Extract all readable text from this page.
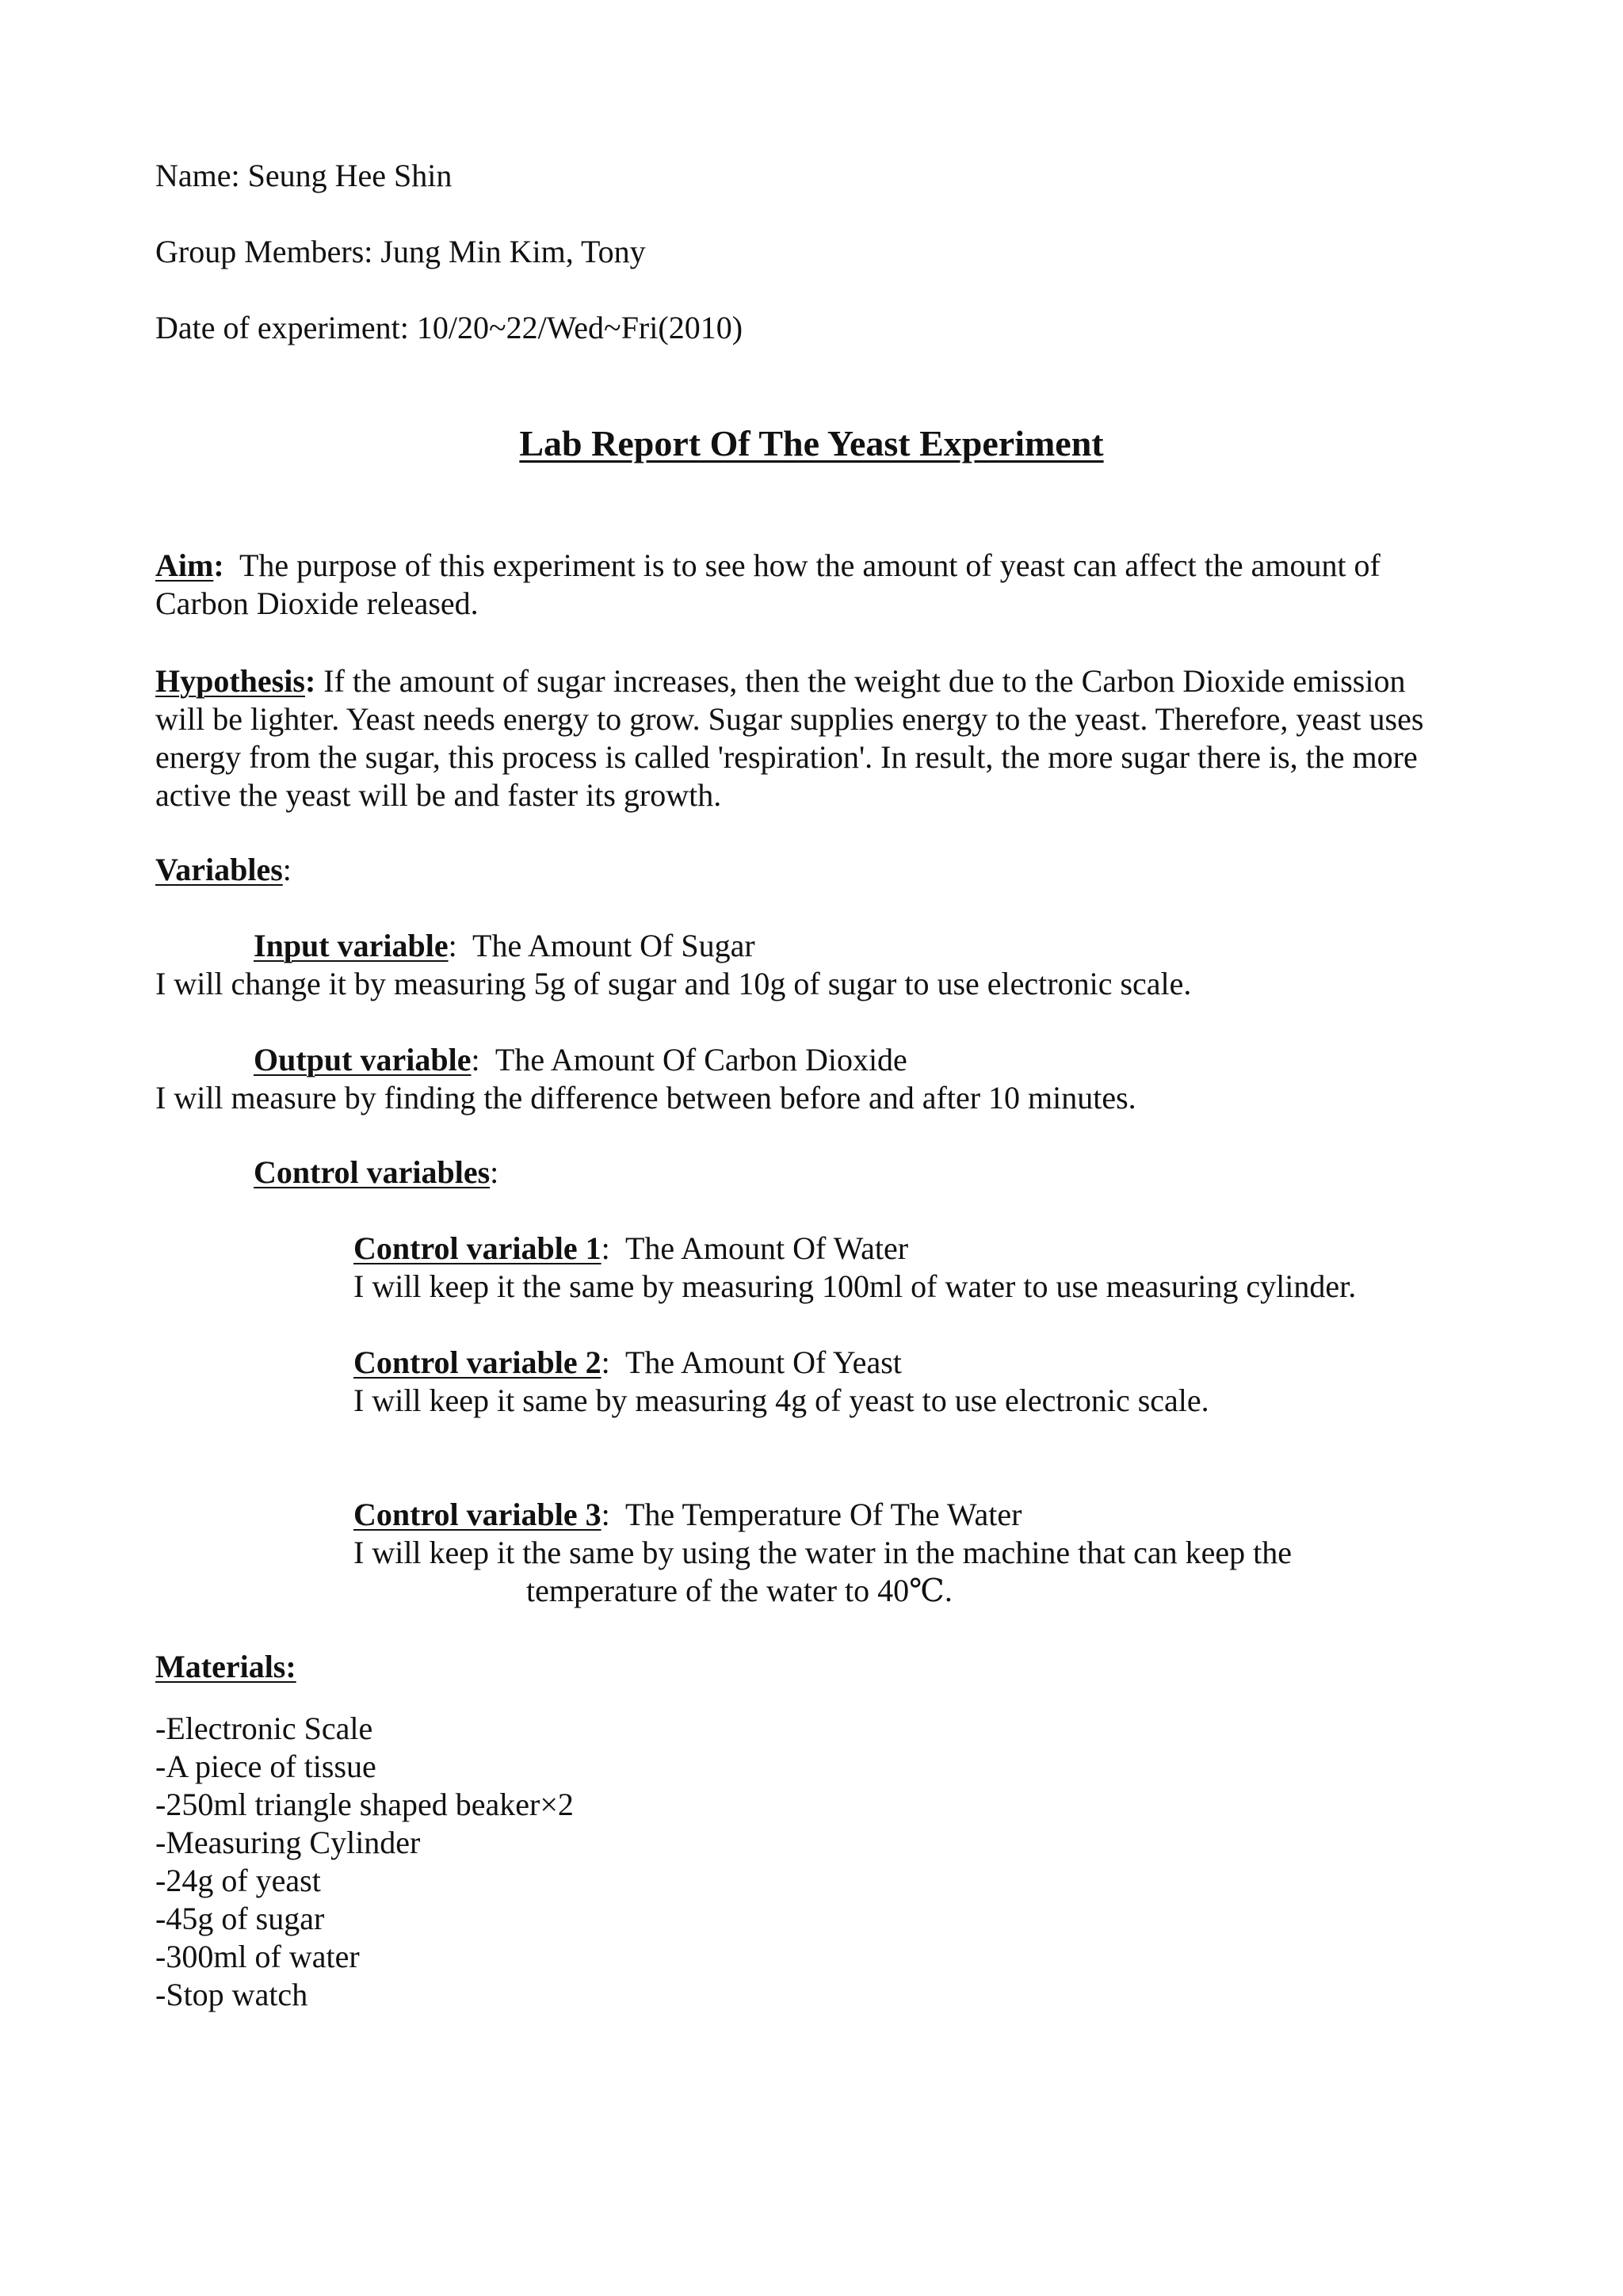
Name: Seung Hee Shin
Group Members: Jung Min Kim, Tony
Date of experiment: 10/20~22/Wed~Fri(2010)
Lab Report Of The Yeast Experiment
Aim: The purpose of this experiment is to see how the amount of yeast can affect the amount of
Carbon Dioxide released.
Hypothesis: If the amount of sugar increases, then the weight due to the Carbon Dioxide emission
will be lighter. Yeast needs energy to grow. Sugar supplies energy to the yeast. Therefore, yeast uses
energy from the sugar, this process is called 'respiration'. In result, the more sugar there is, the more
active the yeast will be and faster its growth.
Variables:
Input variable: The Amount Of Sugar
I will change it by measuring 5g of sugar and 10g of sugar to use electronic scale.
Output variable: The Amount Of Carbon Dioxide
I will measure by finding the difference between before and after 10 minutes.
Control variables:
Control variable 1: The Amount Of Water
I will keep it the same by measuring 100ml of water to use measuring cylinder.
Control variable 2: The Amount Of Yeast
I will keep it same by measuring 4g of yeast to use electronic scale.
Control variable 3: The Temperature Of The Water
I will keep it the same by using the water in the machine that can keep the
temperature of the water to 40℃.
Materials:
-Electronic Scale
-A piece of tissue
-250ml triangle shaped beaker×2
-Measuring Cylinder
-24g of yeast
-45g of sugar
-300ml of water
-Stop watch
